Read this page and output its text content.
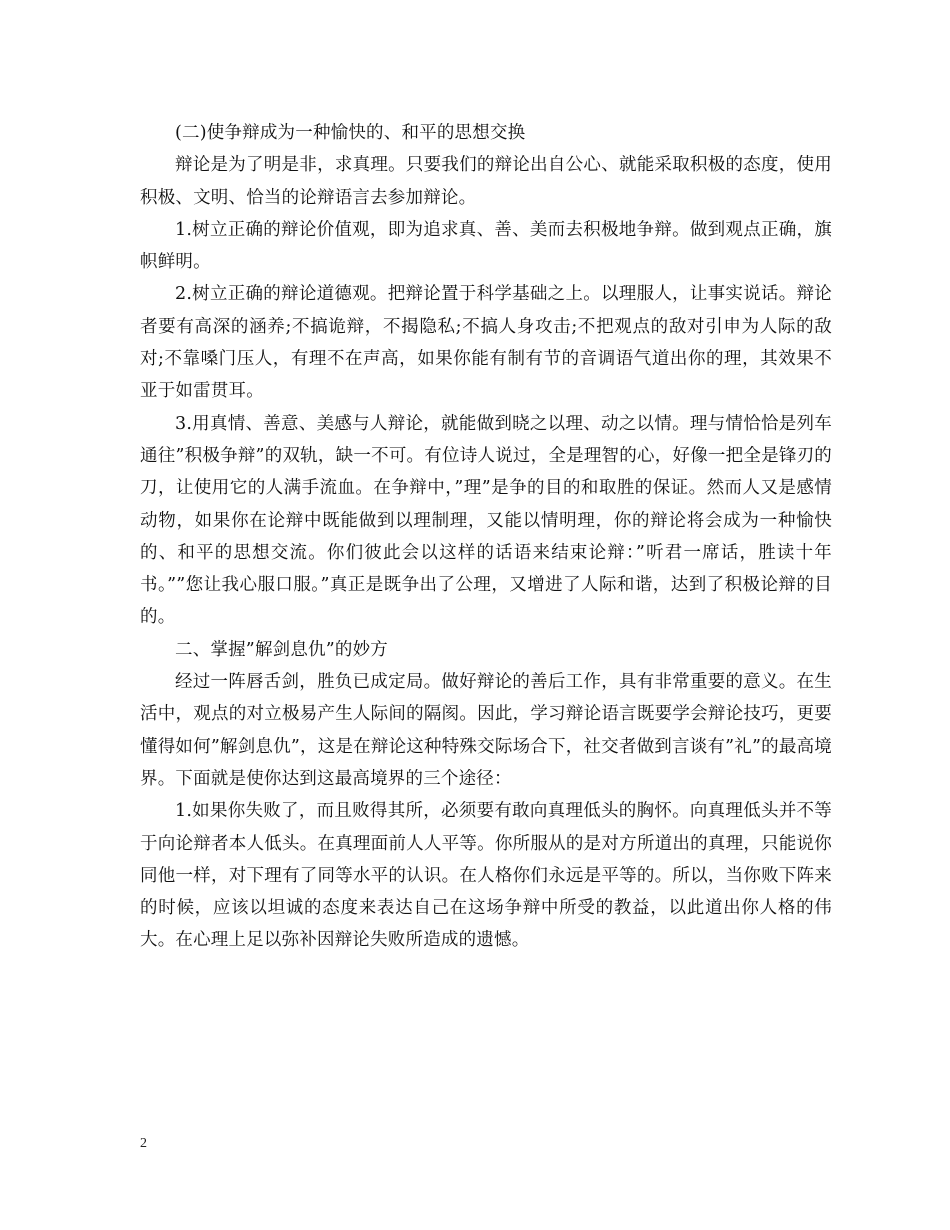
(二)使争辩成为一种愉快的、和平的思想交换

辩论是为了明是非，求真理。只要我们的辩论出自公心、就能采取积极的态度，使用积极、文明、恰当的论辩语言去参加辩论。

1.树立正确的辩论价值观，即为追求真、善、美而去积极地争辩。做到观点正确，旗帜鲜明。

2.树立正确的辩论道德观。把辩论置于科学基础之上。以理服人，让事实说话。辩论者要有高深的涵养;不搞诡辩，不揭隐私;不搞人身攻击;不把观点的敌对引申为人际的敌对;不靠嗓门压人，有理不在声高，如果你能有制有节的音调语气道出你的理，其效果不亚于如雷贯耳。

3.用真情、善意、美感与人辩论，就能做到晓之以理、动之以情。理与情恰恰是列车通往”积极争辩”的双轨，缺一不可。有位诗人说过，全是理智的心，好像一把全是锋刃的刀，让使用它的人满手流血。在争辩中，”理”是争的目的和取胜的保证。然而人又是感情动物，如果你在论辩中既能做到以理制理，又能以情明理，你的辩论将会成为一种愉快的、和平的思想交流。你们彼此会以这样的话语来结束论辩：”听君一席话，胜读十年书。””您让我心服口服。”真正是既争出了公理，又增进了人际和谐，达到了积极论辩的目的。

二、掌握”解剑息仇”的妙方

经过一阵唇舌剑，胜负已成定局。做好辩论的善后工作，具有非常重要的意义。在生活中，观点的对立极易产生人际间的隔阂。因此，学习辩论语言既要学会辩论技巧，更要懂得如何”解剑息仇”，这是在辩论这种特殊交际场合下，社交者做到言谈有”礼”的最高境界。下面就是使你达到这最高境界的三个途径：

1.如果你失败了，而且败得其所，必须要有敢向真理低头的胸怀。向真理低头并不等于向论辩者本人低头。在真理面前人人平等。你所服从的是对方所道出的真理，只能说你同他一样，对下理有了同等水平的认识。在人格你们永远是平等的。所以，当你败下阵来的时候，应该以坦诚的态度来表达自己在这场争辩中所受的教益，以此道出你人格的伟大。在心理上足以弥补因辩论失败所造成的遗憾。

2
